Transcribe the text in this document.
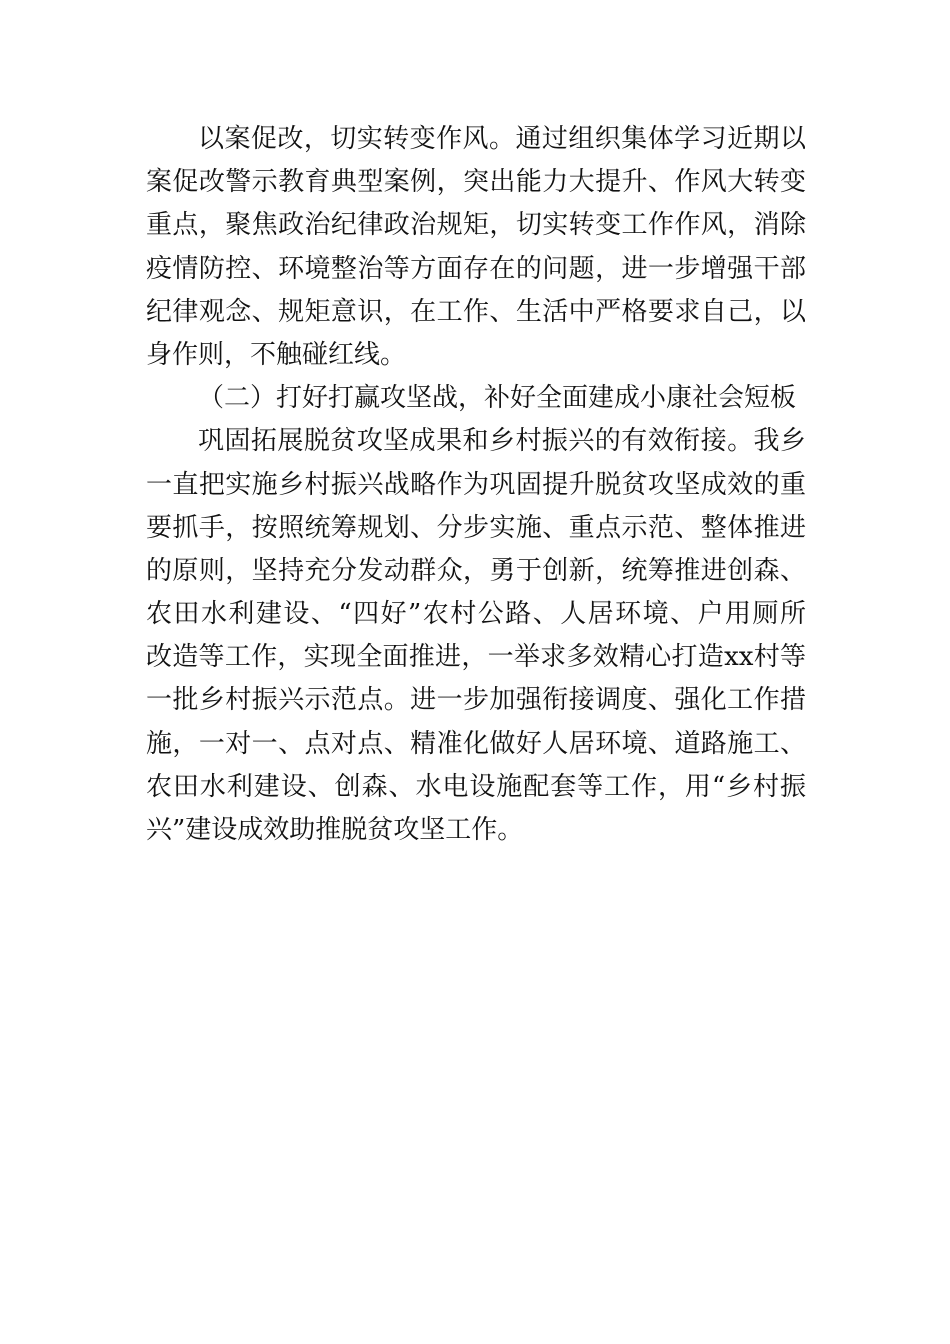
以案促改，切实转变作风。通过组织集体学习近期以
案促改警示教育典型案例，突出能力大提升、作风大转变
重点，聚焦政治纪律政治规矩，切实转变工作作风，消除
疫情防控、环境整治等方面存在的问题，进一步增强干部
纪律观念、规矩意识，在工作、生活中严格要求自己，以
身作则，不触碰红线。
（二）打好打赢攻坚战，补好全面建成小康社会短板
巩固拓展脱贫攻坚成果和乡村振兴的有效衔接。我乡
一直把实施乡村振兴战略作为巩固提升脱贫攻坚成效的重
要抓手，按照统筹规划、分步实施、重点示范、整体推进
的原则，坚持充分发动群众，勇于创新，统筹推进创森、
农田水利建设、“四好”农村公路、人居环境、户用厕所
改造等工作，实现全面推进，一举求多效精心打造xx村等
一批乡村振兴示范点。进一步加强衔接调度、强化工作措
施，一对一、点对点、精准化做好人居环境、道路施工、
农田水利建设、创森、水电设施配套等工作，用“乡村振
兴”建设成效助推脱贫攻坚工作。
